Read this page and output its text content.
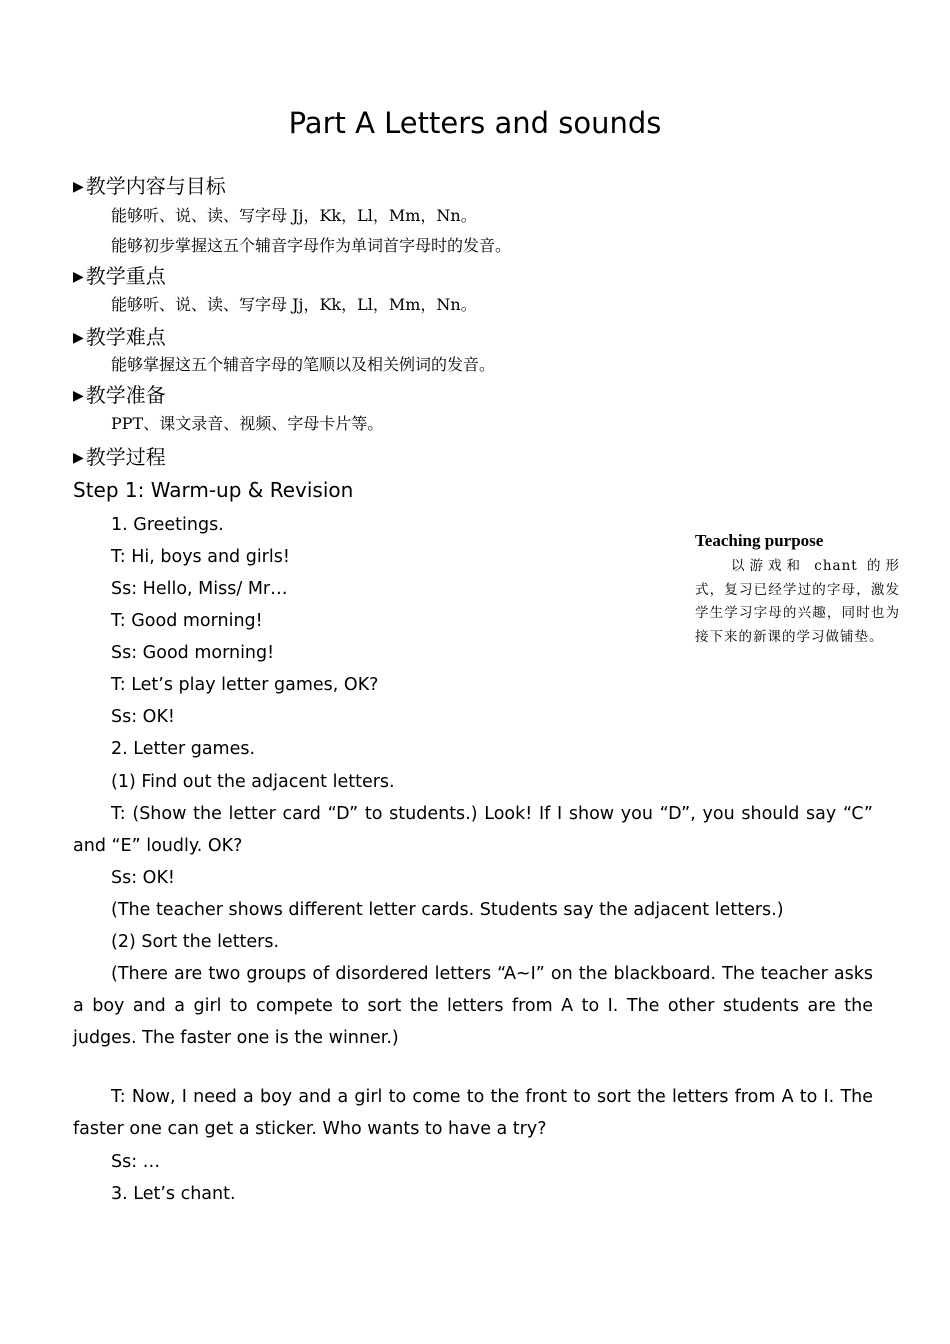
Part A Letters and sounds
▶ 教学内容与目标
能够听、说、读、写字母 Jj，Kk，Ll，Mm，Nn。
能够初步掌握这五个辅音字母作为单词首字母时的发音。
▶ 教学重点
能够听、说、读、写字母 Jj，Kk，Ll，Mm，Nn。
▶ 教学难点
能够掌握这五个辅音字母的笔顺以及相关例词的发音。
▶ 教学准备
PPT、课文录音、视频、字母卡片等。
▶ 教学过程
Step 1: Warm-up & Revision
1. Greetings.
T: Hi, boys and girls!
Ss: Hello, Miss/ Mr…
T: Good morning!
Ss: Good morning!
T: Let’s play letter games, OK?
Ss: OK!
2. Letter games.
(1) Find out the adjacent letters.
T: (Show the letter card “D” to students.) Look! If I show you “D”, you should say “C” and “E” loudly. OK?
Ss: OK!
(The teacher shows different letter cards. Students say the adjacent letters.)
(2) Sort the letters.
(There are two groups of disordered letters “A~I” on the blackboard. The teacher asks a boy and a girl to compete to sort the letters from A to I. The other students are the judges. The faster one is the winner.)
T: Now, I need a boy and a girl to come to the front to sort the letters from A to I. The faster one can get a sticker. Who wants to have a try?
Ss: …
3. Let’s chant.
Teaching purpose
以游戏和 chant 的形式，复习已经学过的字母，激发学生学习字母的兴趣，同时也为接下来的新课的学习做铺垫。
